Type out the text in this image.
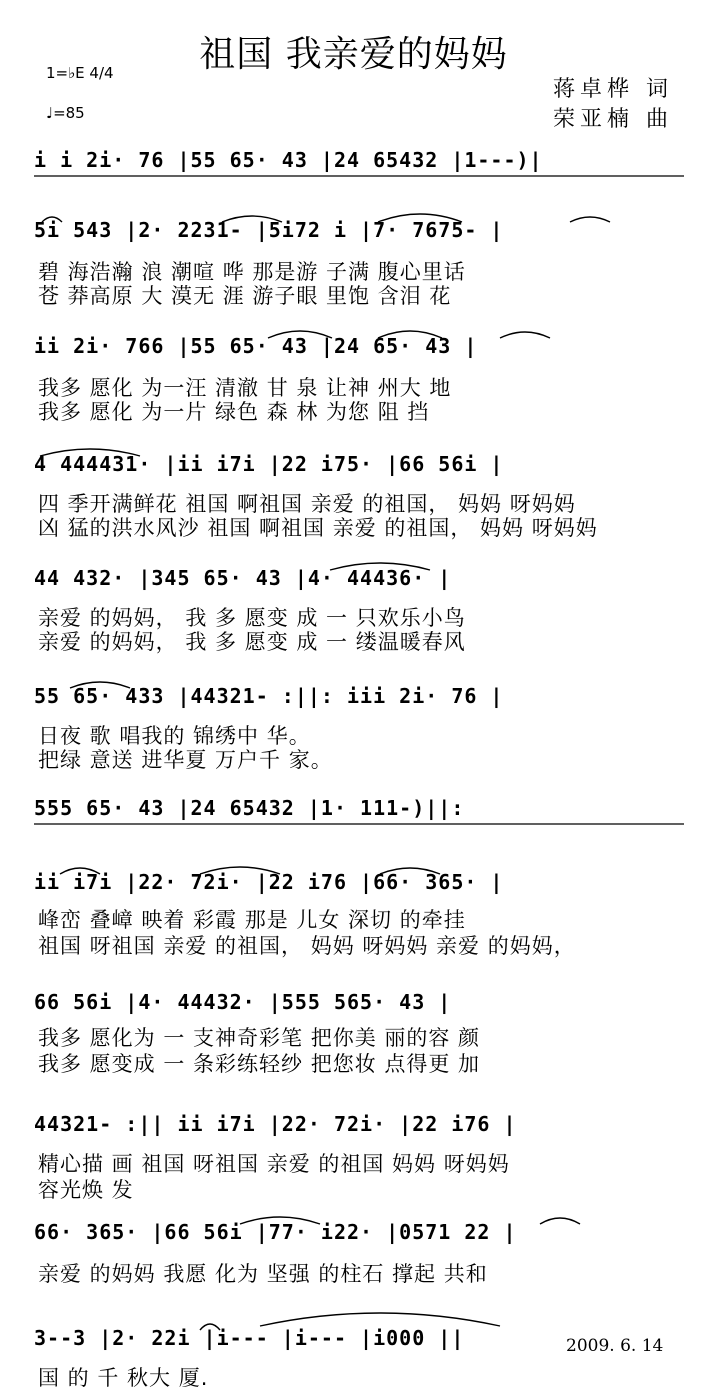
祖国 我亲爱的妈妈
1=♭E 4/4
♩=85
蒋卓桦 词
荣亚楠 曲
i i 2i· 76 |55 65· 43 |24 65432 |1---)|
5i 543 |2· 2231- |5i72 i |7· 7675- |
碧 海浩瀚 浪 潮喧 哗 那是游 子满 腹心里话
苍 莽高原 大 漠无 涯 游子眼 里饱 含泪 花
ii 2i· 766 |55 65· 43 |24 65· 43 |
我多 愿化 为一汪 清澈 甘 泉 让神 州大 地
我多 愿化 为一片 绿色 森 林 为您 阻 挡
4 444431· |ii i7i |22 i75· |66 56i |
四 季开满鲜花 祖国 啊祖国 亲爱 的祖国， 妈妈 呀妈妈
凶 猛的洪水风沙 祖国 啊祖国 亲爱 的祖国， 妈妈 呀妈妈
44 432· |345 65· 43 |4· 44436· |
亲爱 的妈妈， 我 多 愿变 成 一 只欢乐小鸟
亲爱 的妈妈， 我 多 愿变 成 一 缕温暖春风
55 65· 433 |44321- :||: iii 2i· 76 |
日夜 歌 唱我的 锦绣中 华。
把绿 意送 进华夏 万户千 家。
555 65· 43 |24 65432 |1· 111-)||:
ii i7i |22· 72i· |22 i76 |66· 365· |
峰峦 叠嶂 映着 彩霞 那是 儿女 深切 的牵挂
祖国 呀祖国 亲爱 的祖国， 妈妈 呀妈妈 亲爱 的妈妈，
66 56i |4· 44432· |555 565· 43 |
我多 愿化为 一 支神奇彩笔 把你美 丽的容 颜
我多 愿变成 一 条彩练轻纱 把您妆 点得更 加
44321- :|| ii i7i |22· 72i· |22 i76 |
精心描 画 祖国 呀祖国 亲爱 的祖国 妈妈 呀妈妈
容光焕 发
66· 365· |66 56i |77· i22· |0571 22 |
亲爱 的妈妈 我愿 化为 坚强 的柱石 撑起 共和
3--3 |2· 22i |i--- |i--- |i000 ||
国 的 千 秋大 厦.
2009. 6. 14
